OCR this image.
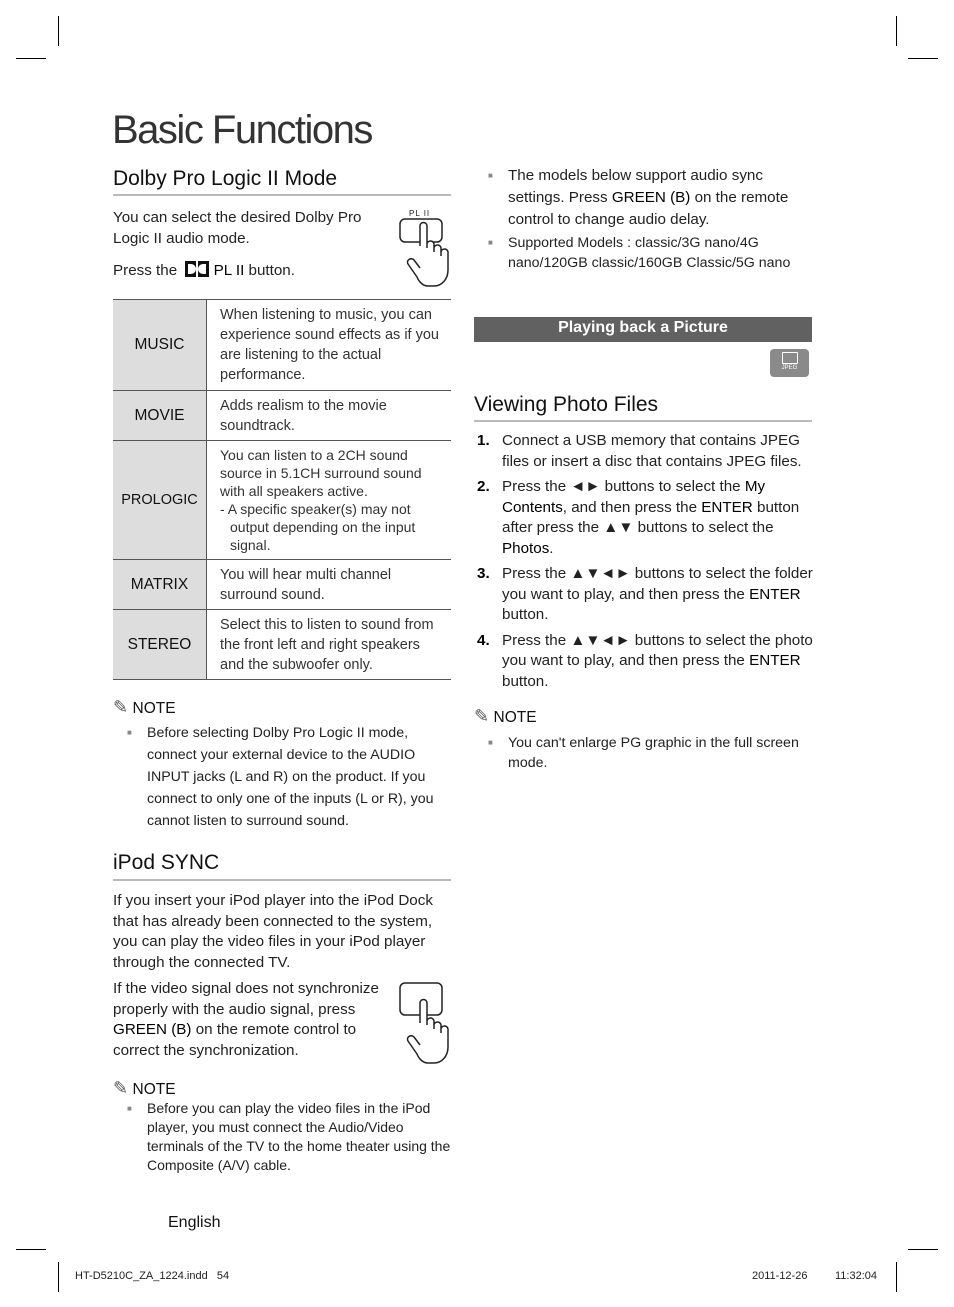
Basic Functions
Dolby Pro Logic II Mode

You can select the desired Dolby Pro Logic II audio mode.

Press the PL II button.
PL II
MUSIC	When listening to music, you can experience sound effects as if you are listening to the actual performance.
MOVIE	Adds realism to the movie soundtrack.
PROLOGIC	You can listen to a 2CH sound source in 5.1CH surround sound with all speakers active.
- A specific speaker(s) may not output depending on the input signal.

MATRIX	You will hear multi channel surround sound.
STEREO	Select this to listen to sound from the front left and right speakers and the subwoofer only.
✎ NOTE
■ Before selecting Dolby Pro Logic II mode, connect your external device to the AUDIO INPUT jacks (L and R) on the product. If you connect to only one of the inputs (L or R), you cannot listen to surround sound.
iPod SYNC

If you insert your iPod player into the iPod Dock that has already been connected to the system, you can play the video files in your iPod player through the connected TV.

If the video signal does not synchronize properly with the audio signal, press GREEN (B) on the remote control to correct the synchronization.

✎ NOTE
■ Before you can play the video files in the iPod player, you must connect the Audio/Video terminals of the TV to the home theater using the Composite (A/V) cable.
■ The models below support audio sync settings. Press GREEN (B) on the remote control to change audio delay.
■ Supported Models : classic/3G nano/4G nano/120GB classic/160GB Classic/5G nano
Playing back a Picture
JPEG
Viewing Photo Files
1. Connect a USB memory that contains JPEG files or insert a disc that contains JPEG files.
2. Press the ◄► buttons to select the My Contents, and then press the ENTER button after press the ▲▼ buttons to select the Photos.
3. Press the ▲▼◄► buttons to select the folder you want to play, and then press the ENTER button.
4. Press the ▲▼◄► buttons to select the photo you want to play, and then press the ENTER button.
✎ NOTE
■ You can't enlarge PG graphic in the full screen mode.
English
HT-D5210C_ZA_1224.indd   54	2011-12-26	11:32:04
